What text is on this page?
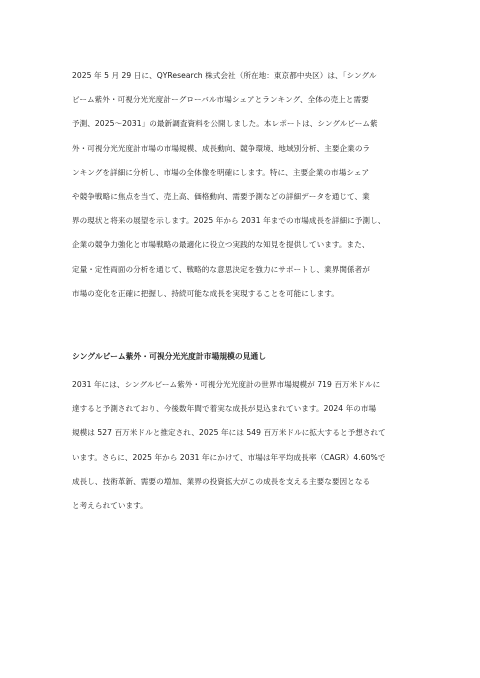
2025 年 5 月 29 日に、QYResearch 株式会社（所在地：東京都中央区）は、「シングル
ビーム紫外・可視分光光度計ーグローバル市場シェアとランキング、全体の売上と需要
予測、2025～2031」の最新調査資料を公開しました。本レポートは、シングルビーム紫
外・可視分光光度計市場の市場規模、成長動向、競争環境、地域別分析、主要企業のラ
ンキングを詳細に分析し、市場の全体像を明確にします。特に、主要企業の市場シェア
や競争戦略に焦点を当て、売上高、価格動向、需要予測などの詳細データを通じて、業
界の現状と将来の展望を示します。2025 年から 2031 年までの市場成長を詳細に予測し、
企業の競争力強化と市場戦略の最適化に役立つ実践的な知見を提供しています。また、
定量・定性両面の分析を通じて、戦略的な意思決定を強力にサポートし、業界関係者が
市場の変化を正確に把握し、持続可能な成長を実現することを可能にします。
シングルビーム紫外・可視分光光度計市場規模の見通し
2031 年には、シングルビーム紫外・可視分光光度計の世界市場規模が 719 百万米ドルに
達すると予測されており、今後数年間で着実な成長が見込まれています。2024 年の市場
規模は 527 百万米ドルと推定され、2025 年には 549 百万米ドルに拡大すると予想されて
います。さらに、2025 年から 2031 年にかけて、市場は年平均成長率（CAGR）4.60%で
成長し、技術革新、需要の増加、業界の投資拡大がこの成長を支える主要な要因となる
と考えられています。
